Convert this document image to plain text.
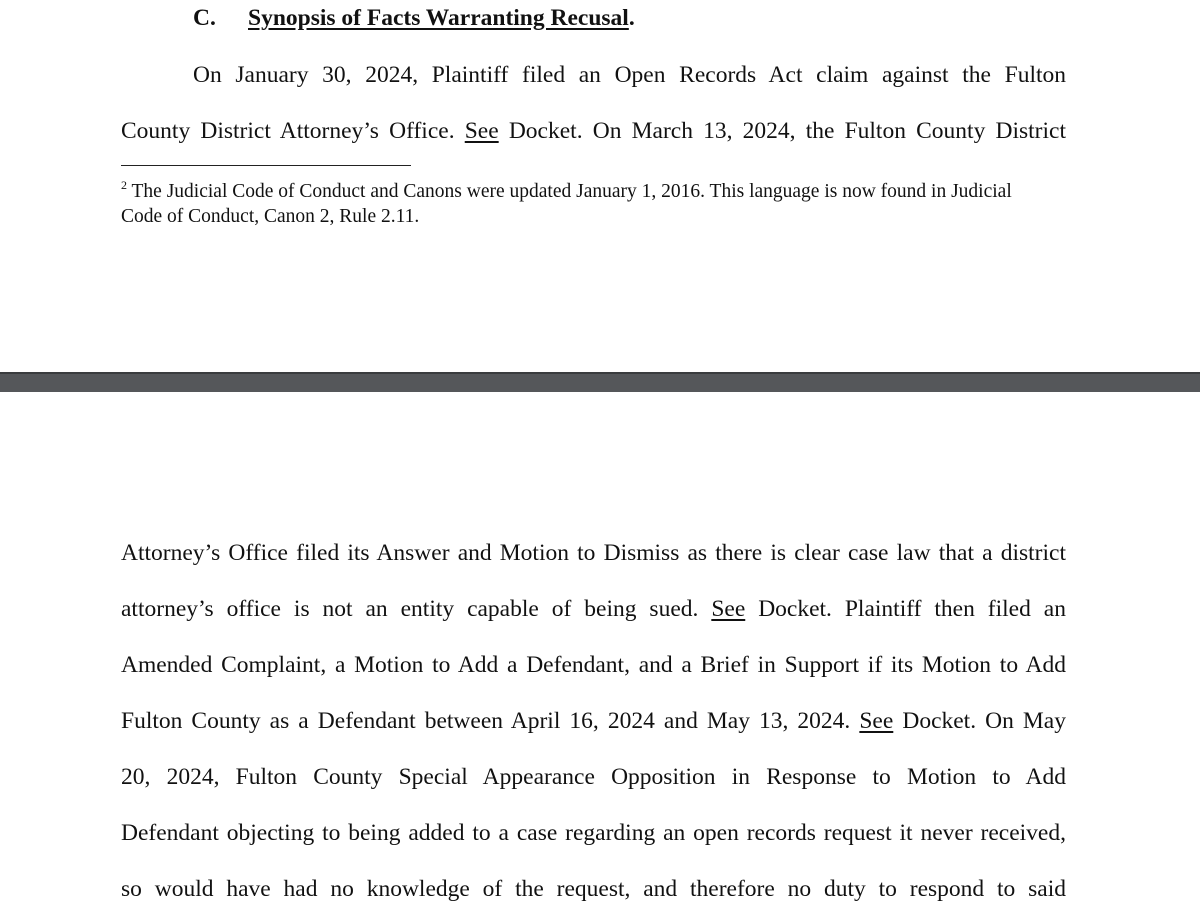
C. Synopsis of Facts Warranting Recusal.
On January 30, 2024, Plaintiff filed an Open Records Act claim against the Fulton
County District Attorney’s Office. See Docket. On March 13, 2024, the Fulton County District
$^2$ The Judicial Code of Conduct and Canons were updated January 1, 2016. This language is now found in Judicial
Code of Conduct, Canon 2, Rule 2.11.
Attorney’s Office filed its Answer and Motion to Dismiss as there is clear case law that a district
attorney’s office is not an entity capable of being sued. See Docket. Plaintiff then filed an
Amended Complaint, a Motion to Add a Defendant, and a Brief in Support if its Motion to Add
Fulton County as a Defendant between April 16, 2024 and May 13, 2024. See Docket. On May
20, 2024, Fulton County Special Appearance Opposition in Response to Motion to Add
Defendant objecting to being added to a case regarding an open records request it never received,
so would have had no knowledge of the request, and therefore no duty to respond to said
